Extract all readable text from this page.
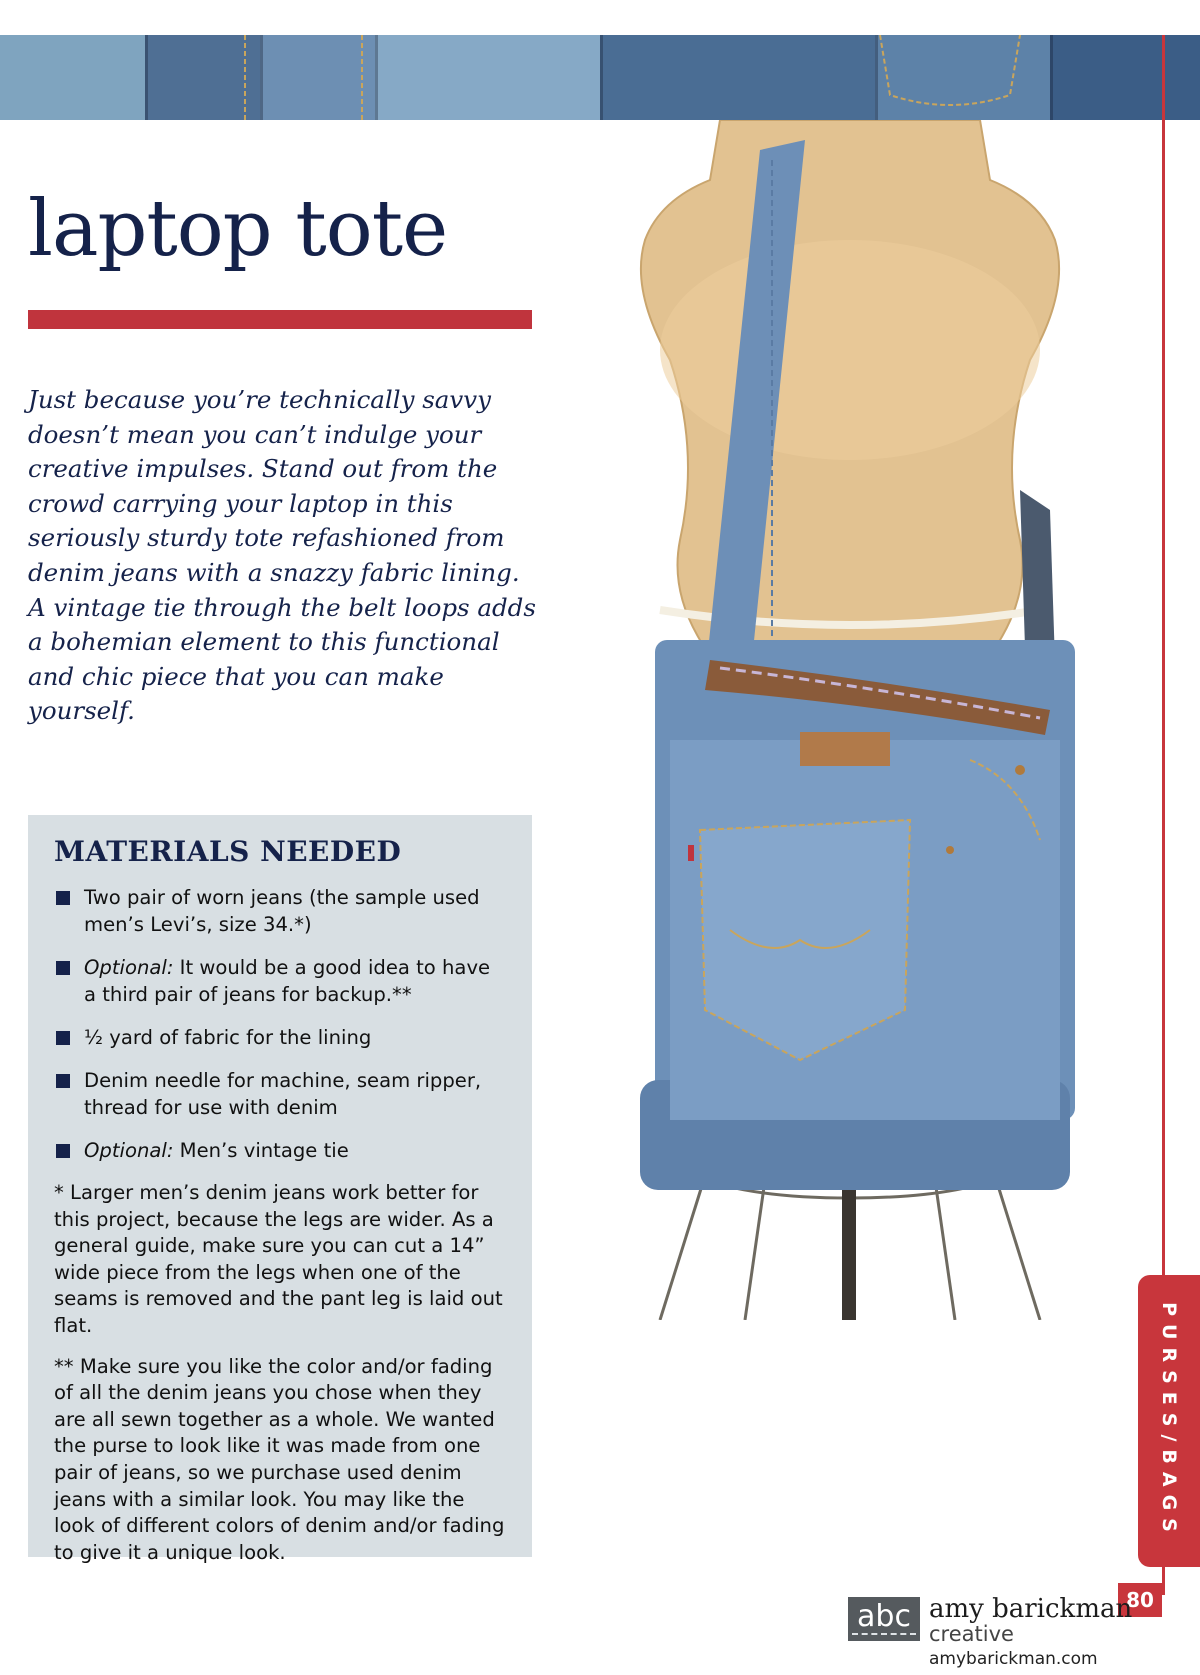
laptop tote

Just because you’re technically savvy doesn’t mean you can’t indulge your creative impulses. Stand out from the crowd carrying your laptop in this seriously sturdy tote refashioned from denim jeans with a snazzy fabric lining. A vintage tie through the belt loops adds a bohemian element to this functional and chic piece that you can make yourself.

MATERIALS NEEDED
Two pair of worn jeans (the sample used men’s Levi’s, size 34.*)
Optional: It would be a good idea to have a third pair of jeans for backup.**
½ yard of fabric for the lining
Denim needle for machine, seam ripper, thread for use with denim
Optional: Men’s vintage tie

* Larger men’s denim jeans work better for this project, because the legs are wider. As a general guide, make sure you can cut a 14” wide piece from the legs when one of the seams is removed and the pant leg is laid out flat.

** Make sure you like the color and/or fading of all the denim jeans you chose when they are all sewn together as a whole. We wanted the purse to look like it was made from one pair of jeans, so we purchase used denim jeans with a similar look. You may like the look of different colors of denim and/or fading to give it a unique look.

PURSES/BAGS
80
abc amy barickman
creative
amybarickman.com
